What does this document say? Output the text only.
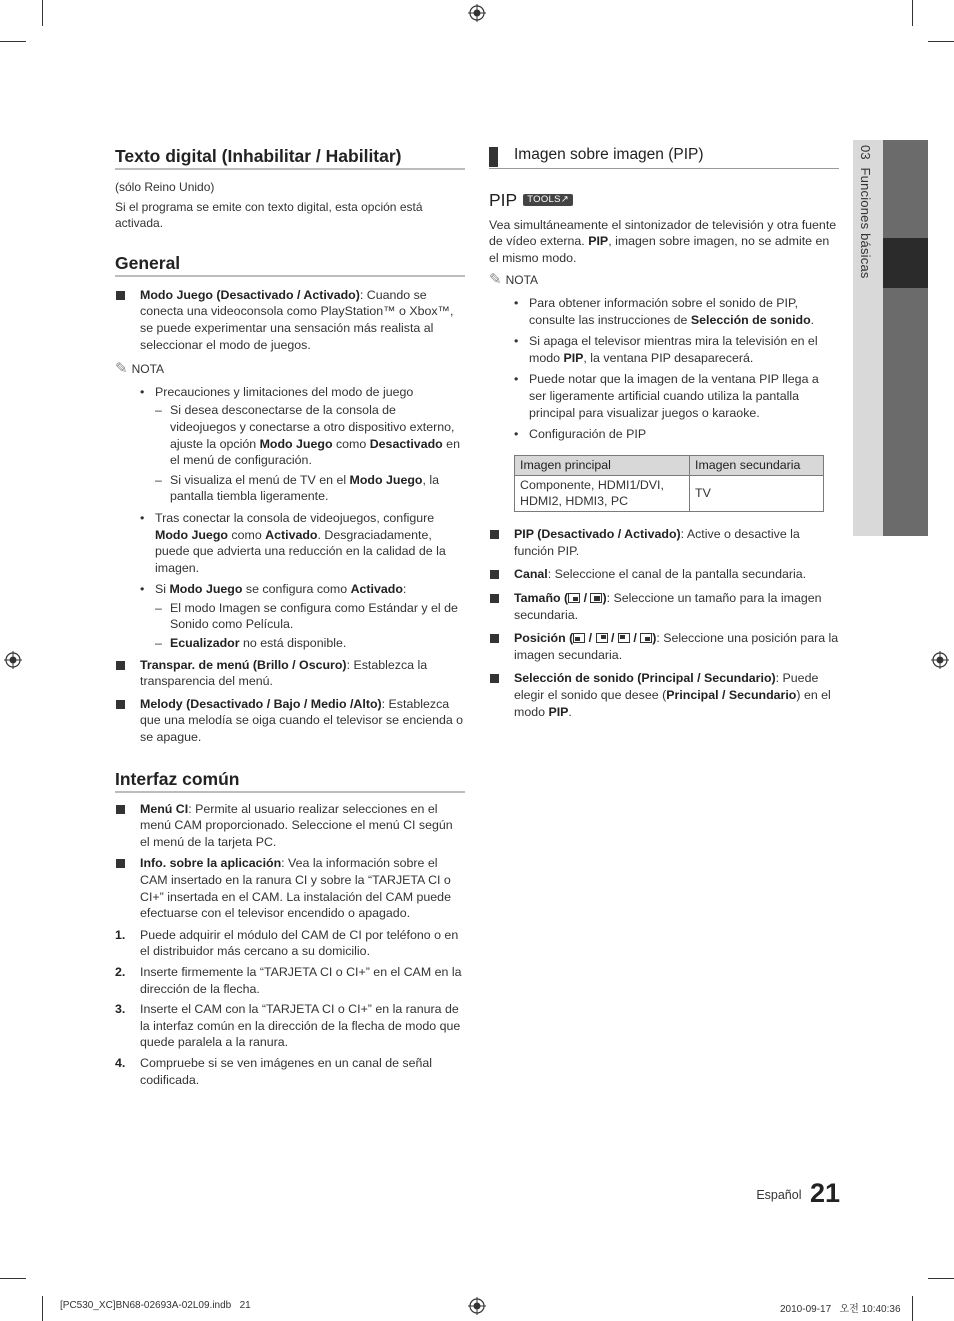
03  Funciones básicas
Texto digital (Inhabilitar / Habilitar)

(sólo Reino Unido)

Si el programa se emite con texto digital, esta opción está activada.

General

Modo Juego (Desactivado / Activado): Cuando se conecta una videoconsola como PlayStation™ o Xbox™, se puede experimentar una sensación más realista al seleccionar el modo de juegos.

✎ NOTA

• Precauciones y limitaciones del modo de juego

– Si desea desconectarse de la consola de videojuegos y conectarse a otro dispositivo externo, ajuste la opción Modo Juego como Desactivado en el menú de configuración.

– Si visualiza el menú de TV en el Modo Juego, la pantalla tiembla ligeramente.

• Tras conectar la consola de videojuegos, configure Modo Juego como Activado. Desgraciadamente, puede que advierta una reducción en la calidad de la imagen.

• Si Modo Juego se configura como Activado:

– El modo Imagen se configura como Estándar y el de Sonido como Película.

– Ecualizador no está disponible.

Transpar. de menú (Brillo / Oscuro): Establezca la transparencia del menú.

Melody (Desactivado / Bajo / Medio /Alto): Establezca que una melodía se oiga cuando el televisor se encienda o se apague.

Interfaz común

Menú CI: Permite al usuario realizar selecciones en el menú CAM proporcionado. Seleccione el menú CI según el menú de la tarjeta PC.

Info. sobre la aplicación: Vea la información sobre el CAM insertado en la ranura CI y sobre la “TARJETA CI o CI+” insertada en el CAM. La instalación del CAM puede efectuarse con el televisor encendido o apagado.

1. Puede adquirir el módulo del CAM de CI por teléfono o en el distribuidor más cercano a su domicilio.

2. Inserte firmemente la “TARJETA CI o CI+” en el CAM en la dirección de la flecha.

3. Inserte el CAM con la “TARJETA CI o CI+” en la ranura de la interfaz común en la dirección de la flecha de modo que quede paralela a la ranura.

4. Compruebe si se ven imágenes en un canal de señal codificada.

Imagen sobre imagen (PIP)
PIP	TOOLS↗

Vea simultáneamente el sintonizador de televisión y otra fuente de vídeo externa. PIP, imagen sobre imagen, no se admite en el mismo modo.

✎ NOTA

• Para obtener información sobre el sonido de PIP, consulte las instrucciones de Selección de sonido.

• Si apaga el televisor mientras mira la televisión en el modo PIP, la ventana PIP desaparecerá.

• Puede notar que la imagen de la ventana PIP llega a ser ligeramente artificial cuando utiliza la pantalla principal para visualizar juegos o karaoke.

• Configuración de PIP

Imagen principal	Imagen secundaria
Componente, HDMI1/DVI, HDMI2, HDMI3, PC	TV

PIP (Desactivado / Activado): Active o desactive la función PIP.

Canal: Seleccione el canal de la pantalla secundaria.

Tamaño ( / ): Seleccione un tamaño para la imagen secundaria.

Posición ( /  /  / ): Seleccione una posición para la imagen secundaria.

Selección de sonido (Principal / Secundario): Puede elegir el sonido que desee (Principal / Secundario) en el modo PIP.

Español 21
[PC530_XC]BN68-02693A-02L09.indb   21	2010-09-17   오전 10:40:36
